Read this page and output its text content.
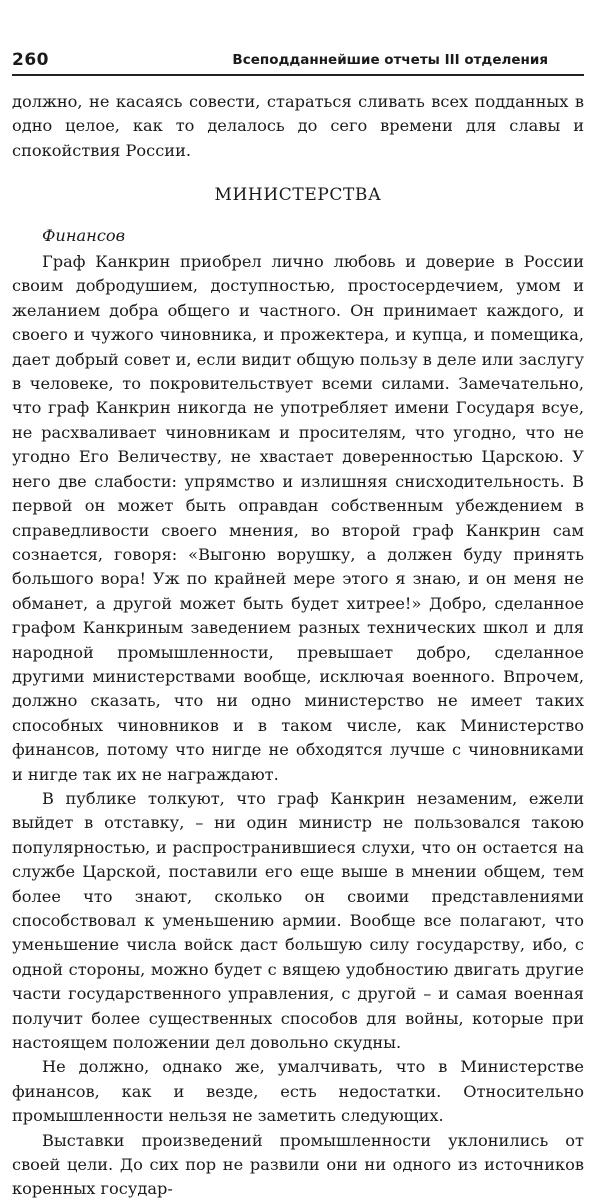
260	Всеподданнейшие отчеты III отделения

должно, не касаясь совести, стараться сливать всех подданных в одно целое, как то делалось до сего времени для славы и спокойствия России.

МИНИСТЕРСТВА

Финансов

Граф Канкрин приобрел лично любовь и доверие в России своим добродушием, доступностью, простосердечием, умом и желанием добра общего и частного. Он принимает каждого, и своего и чужого чиновника, и прожектера, и купца, и помещика, дает добрый совет и, если видит общую пользу в деле или заслугу в человеке, то покровительствует всеми силами. Замечательно, что граф Канкрин никогда не употребляет имени Государя всуе, не расхваливает чиновникам и просителям, что угодно, что не угодно Его Величеству, не хвастает доверенностью Царскою. У него две слабости: упрямство и излишняя снисходительность. В первой он может быть оправдан собственным убеждением в справедливости своего мнения, во второй граф Канкрин сам сознается, говоря: «Выгоню ворушку, а должен буду принять большого вора! Уж по крайней мере этого я знаю, и он меня не обманет, а другой может быть будет хитрее!» Добро, сделанное графом Канкриным заведением разных технических школ и для народной промышленности, превышает добро, сделанное другими министерствами вообще, исключая военного. Впрочем, должно сказать, что ни одно министерство не имеет таких способных чиновников и в таком числе, как Министерство финансов, потому что нигде не обходятся лучше с чиновниками и нигде так их не награждают.

В публике толкуют, что граф Канкрин незаменим, ежели выйдет в отставку, – ни один министр не пользовался такою популярностью, и распространившиеся слухи, что он остается на службе Царской, поставили его еще выше в мнении общем, тем более что знают, сколько он своими представлениями способствовал к уменьшению армии. Вообще все полагают, что уменьшение числа войск даст большую силу государству, ибо, с одной стороны, можно будет с вящею удобностию двигать другие части государственного управления, с другой – и самая военная получит более существенных способов для войны, которые при настоящем положении дел довольно скудны.

Не должно, однако же, умалчивать, что в Министерстве финансов, как и везде, есть недостатки. Относительно промышленности нельзя не заметить следующих.

Выставки произведений промышленности уклонились от своей цели. До сих пор не развили они ни одного из источников коренных государ-
